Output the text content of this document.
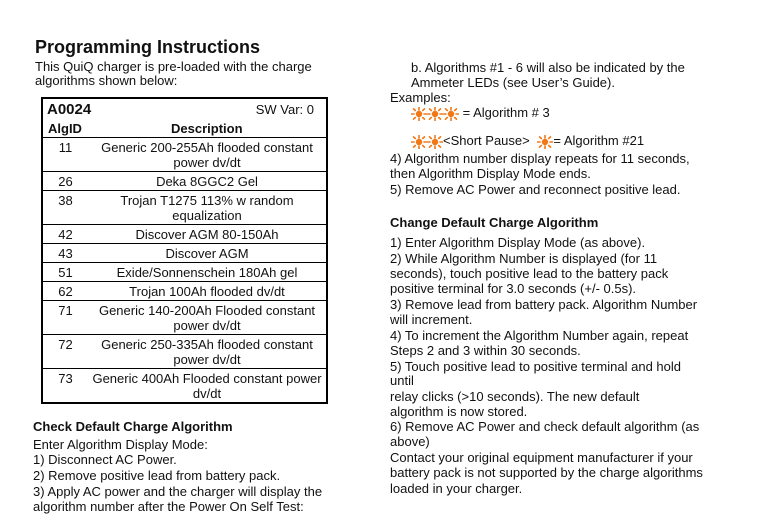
Programming Instructions
This QuiQ charger is pre-loaded with the charge
algorithms shown below:
A0024 SW Var: 0
AlgID Description	

11	Generic 200-255Ah flooded constant
power dv/dt

26	Deka 8GGC2 Gel

38	Trojan T1275 113% w random
equalization

42	Discover AGM 80-150Ah

43	Discover AGM

51	Exide/Sonnenschein 180Ah gel

62	Trojan 100Ah flooded dv/dt

71	Generic 140-200Ah Flooded constant
power dv/dt

72	Generic 250-335Ah flooded constant
power dv/dt

73	Generic 400Ah Flooded constant power
dv/dt
Check Default Charge Algorithm
Enter Algorithm Display Mode:
1) Disconnect AC Power.
2) Remove positive lead from battery pack.
3) Apply AC power and the charger will display the
algorithm number after the Power On Self Test:
b. Algorithms #1 - 6 will also be indicated by the
Ammeter LEDs (see User’s Guide).
Examples:
= Algorithm # 3
<Short Pause> = Algorithm #21
4) Algorithm number display repeats for 11 seconds,
then Algorithm Display Mode ends.
5) Remove AC Power and reconnect positive lead.
Change Default Charge Algorithm
1) Enter Algorithm Display Mode (as above).
2) While Algorithm Number is displayed (for 11
seconds), touch positive lead to the battery pack
positive terminal for 3.0 seconds (+/- 0.5s).
3) Remove lead from battery pack. Algorithm Number
will increment.
4) To increment the Algorithm Number again, repeat
Steps 2 and 3 within 30 seconds.
5) Touch positive lead to positive terminal and hold
until
relay clicks (>10 seconds). The new default
algorithm is now stored.
6) Remove AC Power and check default algorithm (as
above)
Contact your original equipment manufacturer if your
battery pack is not supported by the charge algorithms
loaded in your charger.
